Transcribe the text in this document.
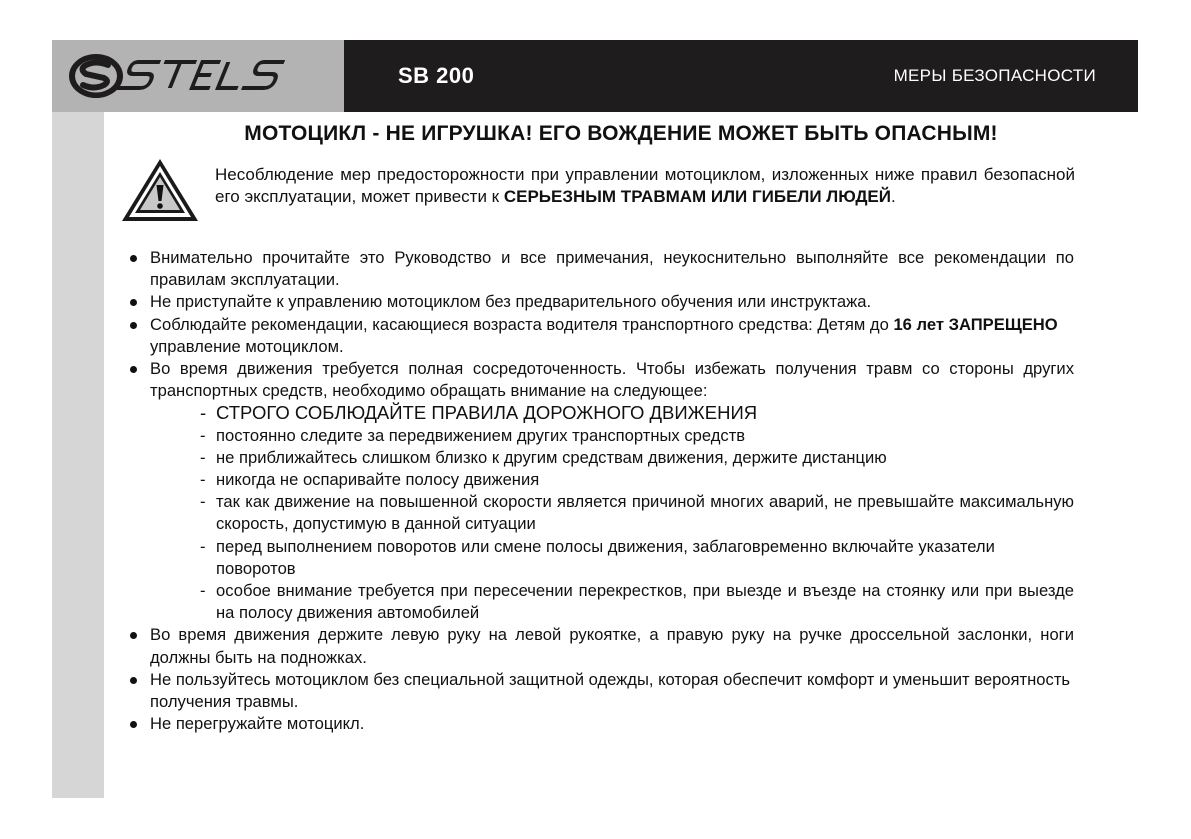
STELS
SB 200	МЕРЫ БЕЗОПАСНОСТИ
МОТОЦИКЛ - НЕ ИГРУШКА! ЕГО ВОЖДЕНИЕ МОЖЕТ БЫТЬ ОПАСНЫМ!
Несоблюдение мер предосторожности при управлении мотоциклом, изложенных ниже правил безопасной его эксплуатации, может привести к СЕРЬЕЗНЫМ ТРАВМАМ ИЛИ ГИБЕЛИ ЛЮДЕЙ.
Внимательно прочитайте это Руководство и все примечания, неукоснительно выполняйте все рекомендации по правилам эксплуатации.
Не приступайте к управлению мотоциклом без предварительного обучения или инструктажа.
Соблюдайте рекомендации, касающиеся возраста водителя транспортного средства: Детям до 16 лет ЗАПРЕЩЕНО управление мотоциклом.
Во время движения требуется полная сосредоточенность. Чтобы избежать получения травм со стороны других транспортных средств, необходимо обращать внимание на следующее:
- СТРОГО СОБЛЮДАЙТЕ ПРАВИЛА ДОРОЖНОГО ДВИЖЕНИЯ
- постоянно следите за передвижением других транспортных средств
- не приближайтесь слишком близко к другим средствам движения, держите дистанцию
- никогда не оспаривайте полосу движения
- так как движение на повышенной скорости является причиной многих аварий, не превышайте максимальную скорость, допустимую в данной ситуации
- перед выполнением поворотов или смене полосы движения, заблаговременно включайте указатели поворотов
- особое внимание требуется при пересечении перекрестков, при выезде и въезде на стоянку или при выезде на полосу движения автомобилей
Во время движения держите левую руку на левой рукоятке, а правую руку на ручке дроссельной заслонки, ноги должны быть на подножках.
Не пользуйтесь мотоциклом без специальной защитной одежды, которая обеспечит комфорт и уменьшит вероятность получения травмы.
Не перегружайте мотоцикл.
